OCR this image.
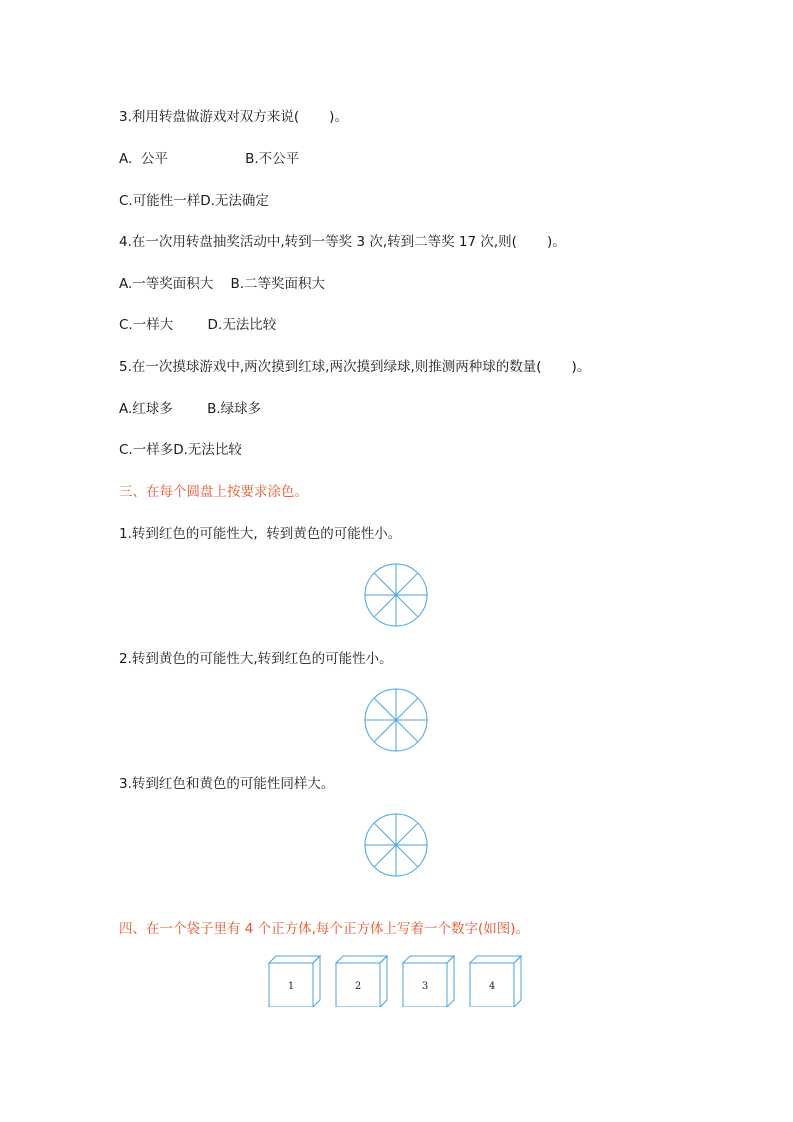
3.利用转盘做游戏对双方来说(       )。
A.  公平                  B.不公平
C.可能性一样D.无法确定
4.在一次用转盘抽奖活动中,转到一等奖 3 次,转到二等奖 17 次,则(       )。
A.一等奖面积大    B.二等奖面积大
C.一样大        D.无法比较
5.在一次摸球游戏中,两次摸到红球,两次摸到绿球,则推测两种球的数量(       )。
A.红球多        B.绿球多
C.一样多D.无法比较
三、在每个圆盘上按要求涂色。
1.转到红色的可能性大,  转到黄色的可能性小。
2.转到黄色的可能性大,转到红色的可能性小。
3.转到红色和黄色的可能性同样大。
四、在一个袋子里有 4 个正方体,每个正方体上写着一个数字(如图)。
1	2	3	4
